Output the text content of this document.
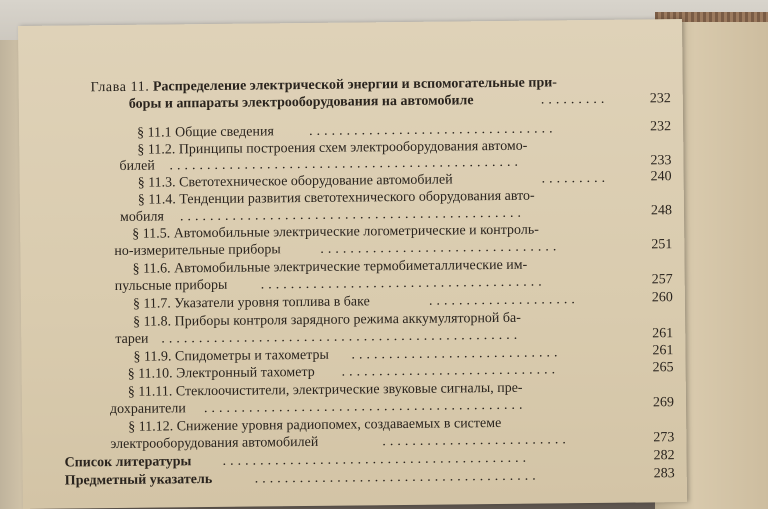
Глава 11. Распределение электрической энергии и вспомогательные при-
боры и аппараты электрооборудования на автомобиле	.........	232
§ 11.1 Общие сведения	.................................	232
§ 11.2. Принципы построения схем электрооборудования автомо-
билей ...............................................	233
§ 11.3. Светотехническое оборудование автомобилей	.........	240
§ 11.4. Тенденции развития светотехнического оборудования авто-
мобиля ..............................................	248
§ 11.5. Автомобильные электрические логометрические и контроль-
но-измерительные приборы	................................	251
§ 11.6. Автомобильные электрические термобиметаллические им-
пульсные приборы ......................................	257
§ 11.7. Указатели уровня топлива в баке	....................	260
§ 11.8. Приборы контроля зарядного режима аккумуляторной ба-
тареи ................................................	261
§ 11.9. Спидометры и тахометры ............................	261
§ 11.10. Электронный тахометр .............................	265
§ 11.11. Стеклоочистители, электрические звуковые сигналы, пре-
дохранители ...........................................	269
§ 11.12. Снижение уровня радиопомех, создаваемых в системе
электрооборудования автомобилей	.........................	273
Список литературы .........................................	282
Предметный указатель	......................................	283
